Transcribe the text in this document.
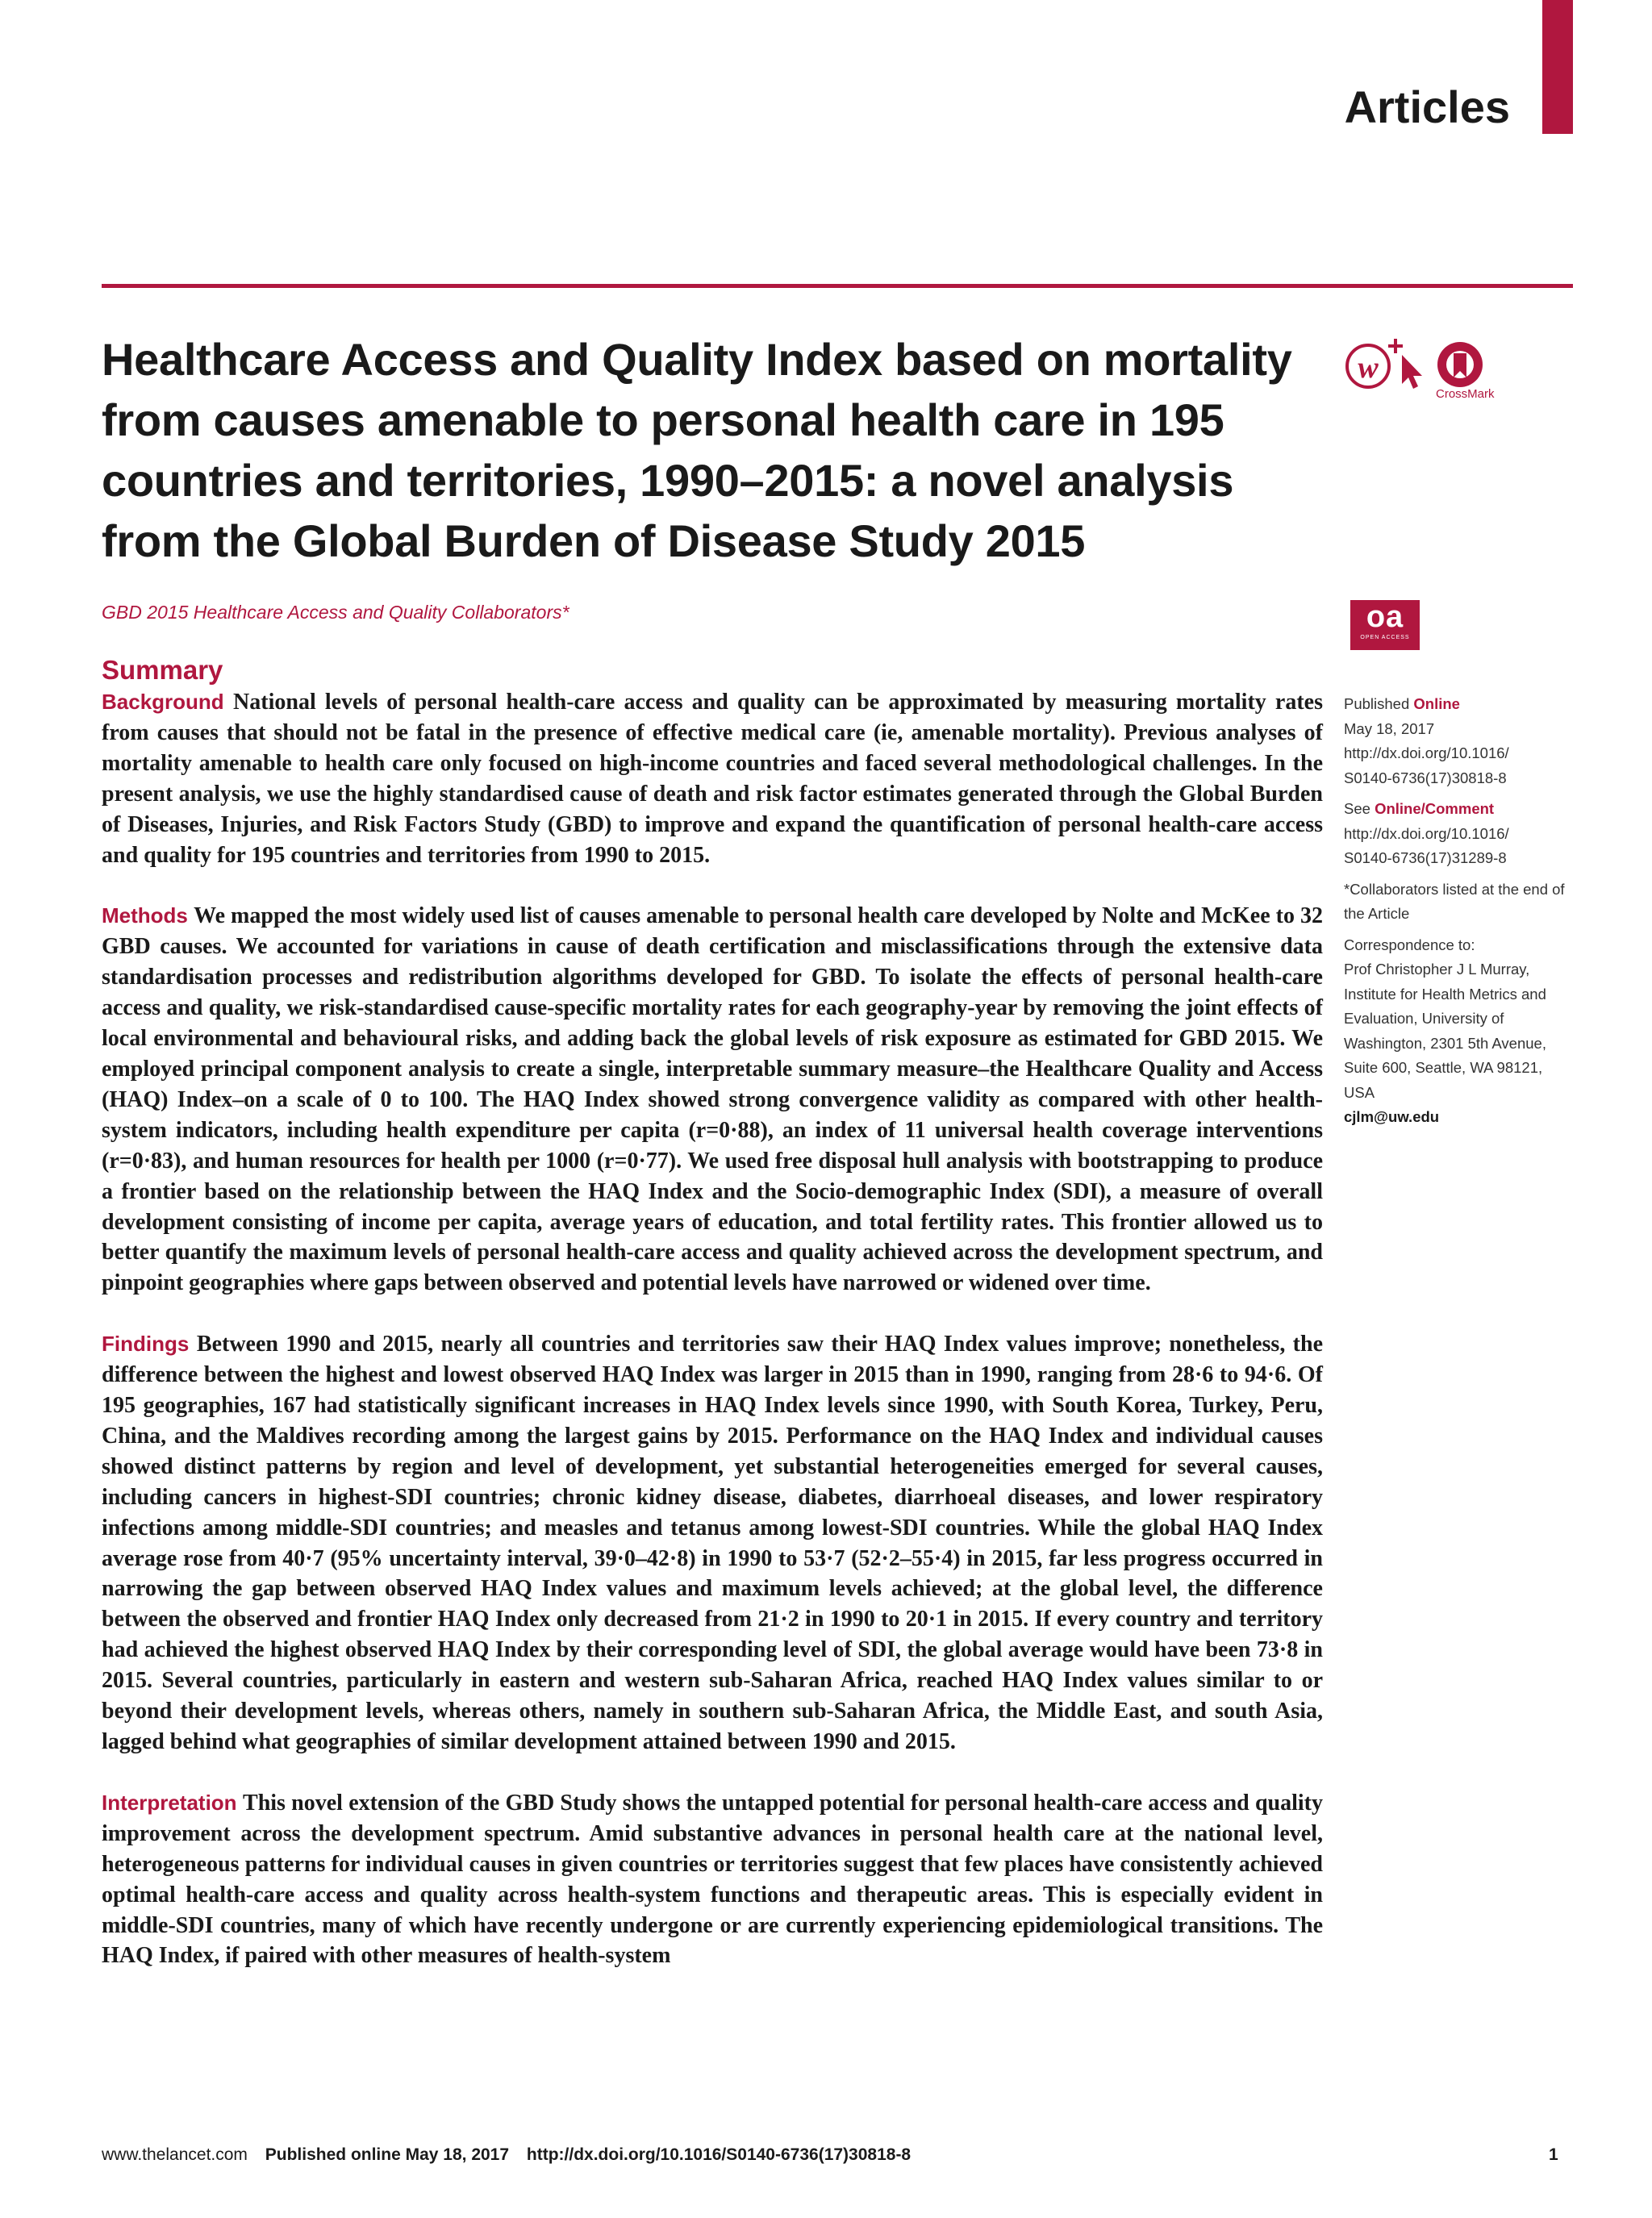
Articles
Healthcare Access and Quality Index based on mortality from causes amenable to personal health care in 195 countries and territories, 1990–2015: a novel analysis from the Global Burden of Disease Study 2015
w
CrossMark
GBD 2015 Healthcare Access and Quality Collaborators*	oa
OPEN ACCESS
Summary

Background National levels of personal health-care access and quality can be approximated by measuring mortality rates from causes that should not be fatal in the presence of effective medical care (ie, amenable mortality). Previous analyses of mortality amenable to health care only focused on high-income countries and faced several methodological challenges. In the present analysis, we use the highly standardised cause of death and risk factor estimates generated through the Global Burden of Diseases, Injuries, and Risk Factors Study (GBD) to improve and expand the quantification of personal health-care access and quality for 195 countries and territories from 1990 to 2015.

Methods We mapped the most widely used list of causes amenable to personal health care developed by Nolte and McKee to 32 GBD causes. We accounted for variations in cause of death certification and misclassifications through the extensive data standardisation processes and redistribution algorithms developed for GBD. To isolate the effects of personal health-care access and quality, we risk-standardised cause-specific mortality rates for each geography-year by removing the joint effects of local environmental and behavioural risks, and adding back the global levels of risk exposure as estimated for GBD 2015. We employed principal component analysis to create a single, interpretable summary measure–the Healthcare Quality and Access (HAQ) Index–on a scale of 0 to 100. The HAQ Index showed strong convergence validity as compared with other health-system indicators, including health expenditure per capita (r=0·88), an index of 11 universal health coverage interventions (r=0·83), and human resources for health per 1000 (r=0·77). We used free disposal hull analysis with bootstrapping to produce a frontier based on the relationship between the HAQ Index and the Socio-demographic Index (SDI), a measure of overall development consisting of income per capita, average years of education, and total fertility rates. This frontier allowed us to better quantify the maximum levels of personal health-care access and quality achieved across the development spectrum, and pinpoint geographies where gaps between observed and potential levels have narrowed or widened over time.

Findings Between 1990 and 2015, nearly all countries and territories saw their HAQ Index values improve; nonetheless, the difference between the highest and lowest observed HAQ Index was larger in 2015 than in 1990, ranging from 28·6 to 94·6. Of 195 geographies, 167 had statistically significant increases in HAQ Index levels since 1990, with South Korea, Turkey, Peru, China, and the Maldives recording among the largest gains by 2015. Performance on the HAQ Index and individual causes showed distinct patterns by region and level of development, yet substantial heterogeneities emerged for several causes, including cancers in highest-SDI countries; chronic kidney disease, diabetes, diarrhoeal diseases, and lower respiratory infections among middle-SDI countries; and measles and tetanus among lowest-SDI countries. While the global HAQ Index average rose from 40·7 (95% uncertainty interval, 39·0–42·8) in 1990 to 53·7 (52·2–55·4) in 2015, far less progress occurred in narrowing the gap between observed HAQ Index values and maximum levels achieved; at the global level, the difference between the observed and frontier HAQ Index only decreased from 21·2 in 1990 to 20·1 in 2015. If every country and territory had achieved the highest observed HAQ Index by their corresponding level of SDI, the global average would have been 73·8 in 2015. Several countries, particularly in eastern and western sub-Saharan Africa, reached HAQ Index values similar to or beyond their development levels, whereas others, namely in southern sub-Saharan Africa, the Middle East, and south Asia, lagged behind what geographies of similar development attained between 1990 and 2015.

Interpretation This novel extension of the GBD Study shows the untapped potential for personal health-care access and quality improvement across the development spectrum. Amid substantive advances in personal health care at the national level, heterogeneous patterns for individual causes in given countries or territories suggest that few places have consistently achieved optimal health-care access and quality across health-system functions and therapeutic areas. This is especially evident in middle-SDI countries, many of which have recently undergone or are currently experiencing epidemiological transitions. The HAQ Index, if paired with other measures of health-system

Published Online
May 18, 2017
http://dx.doi.org/10.1016/
S0140-6736(17)30818-8
See Online/Comment
http://dx.doi.org/10.1016/
S0140-6736(17)31289-8
*Collaborators listed at the end of the Article
Correspondence to:
Prof Christopher J L Murray, Institute for Health Metrics and Evaluation, University of Washington, 2301 5th Avenue, Suite 600, Seattle, WA 98121, USA
cjlm@uw.edu
www.thelancet.com Published online May 18, 2017 http://dx.doi.org/10.1016/S0140-6736(17)30818-8	1
